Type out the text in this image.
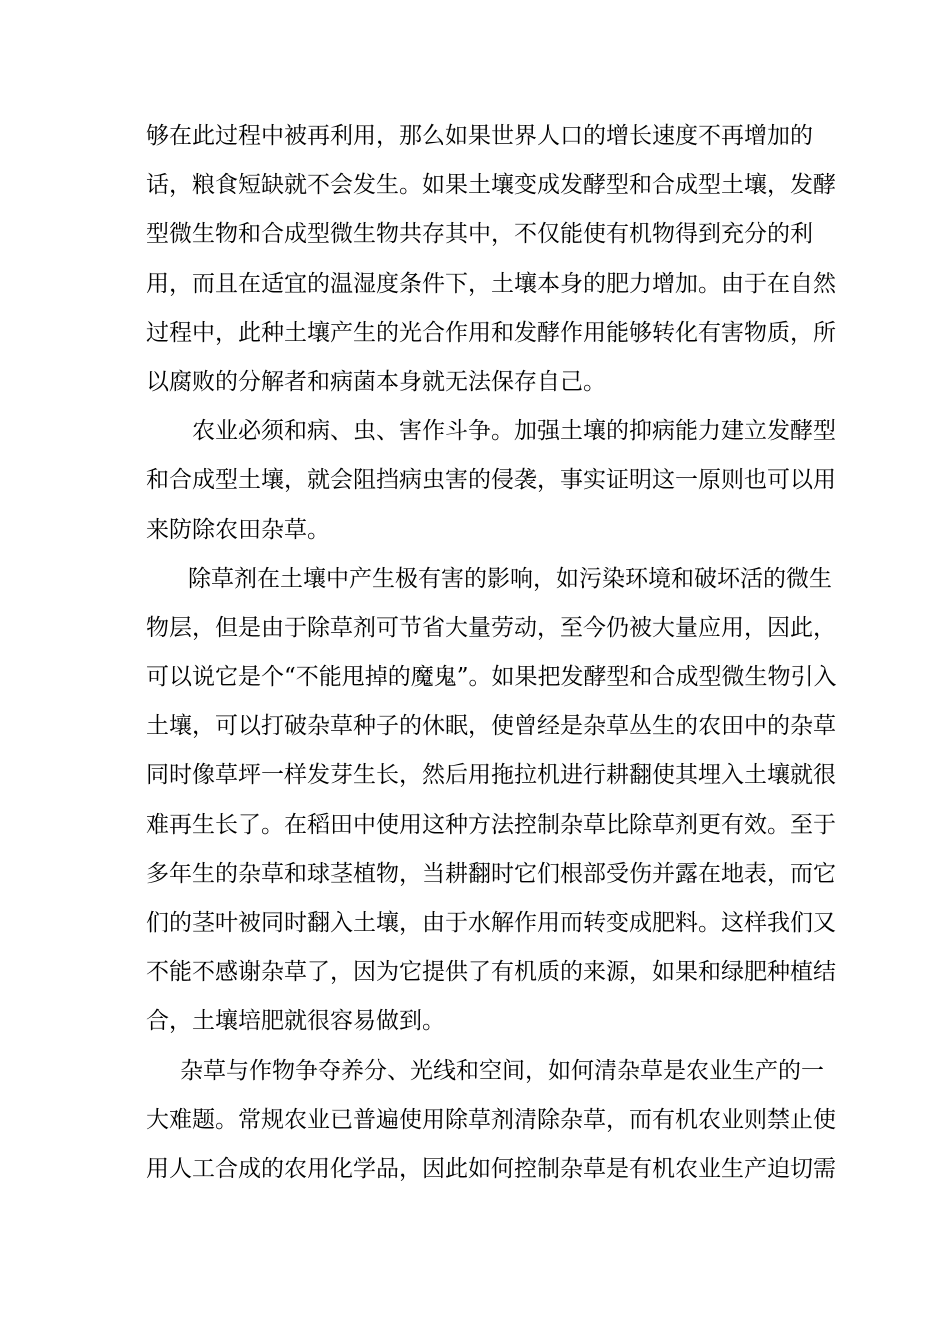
够在此过程中被再利用，那么如果世界人口的增长速度不再增加的
话，粮食短缺就不会发生。如果土壤变成发酵型和合成型土壤，发酵
型微生物和合成型微生物共存其中，不仅能使有机物得到充分的利
用，而且在适宜的温湿度条件下，土壤本身的肥力增加。由于在自然
过程中，此种土壤产生的光合作用和发酵作用能够转化有害物质，所
以腐败的分解者和病菌本身就无法保存自己。
农业必须和病、虫、害作斗争。加强土壤的抑病能力建立发酵型
和合成型土壤，就会阻挡病虫害的侵袭，事实证明这一原则也可以用
来防除农田杂草。
除草剂在土壤中产生极有害的影响，如污染环境和破坏活的微生
物层，但是由于除草剂可节省大量劳动，至今仍被大量应用，因此，
可以说它是个“不能甩掉的魔鬼”。如果把发酵型和合成型微生物引入
土壤，可以打破杂草种子的休眠，使曾经是杂草丛生的农田中的杂草
同时像草坪一样发芽生长，然后用拖拉机进行耕翻使其埋入土壤就很
难再生长了。在稻田中使用这种方法控制杂草比除草剂更有效。至于
多年生的杂草和球茎植物，当耕翻时它们根部受伤并露在地表，而它
们的茎叶被同时翻入土壤，由于水解作用而转变成肥料。这样我们又
不能不感谢杂草了，因为它提供了有机质的来源，如果和绿肥种植结
合，土壤培肥就很容易做到。
杂草与作物争夺养分、光线和空间，如何清杂草是农业生产的一
大难题。常规农业已普遍使用除草剂清除杂草，而有机农业则禁止使
用人工合成的农用化学品，因此如何控制杂草是有机农业生产迫切需
